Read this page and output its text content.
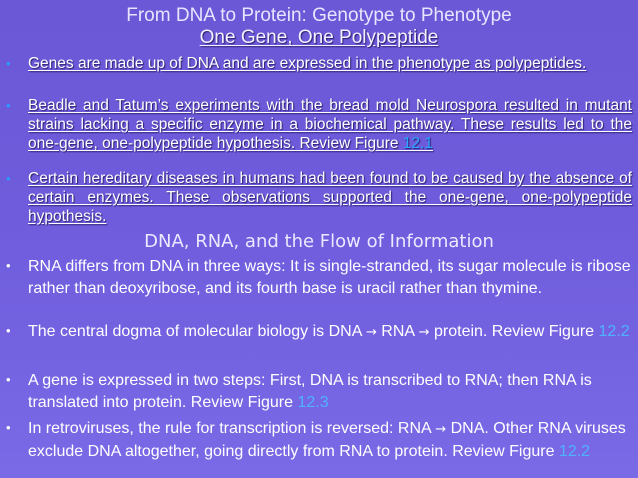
From DNA to Protein: Genotype to Phenotype
One Gene, One Polypeptide
• Genes are made up of DNA and are expressed in the phenotype as polypeptides.
• Beadle and Tatum’s experiments with the bread mold Neurospora resulted in mutant strains lacking a specific enzyme in a biochemical pathway. These results led to the one-gene, one-polypeptide hypothesis. Review Figure 12.1
• Certain hereditary diseases in humans had been found to be caused by the absence of certain enzymes. These observations supported the one-gene, one-polypeptide hypothesis.
DNA, RNA, and the Flow of Information
• RNA differs from DNA in three ways: It is single-stranded, its sugar molecule is ribose rather than deoxyribose, and its fourth base is uracil rather than thymine.
• The central dogma of molecular biology is DNA → RNA → protein. Review Figure 12.2
• A gene is expressed in two steps: First, DNA is transcribed to RNA; then RNA is translated into protein. Review Figure 12.3
• In retroviruses, the rule for transcription is reversed: RNA → DNA. Other RNA viruses exclude DNA altogether, going directly from RNA to protein. Review Figure 12.2
